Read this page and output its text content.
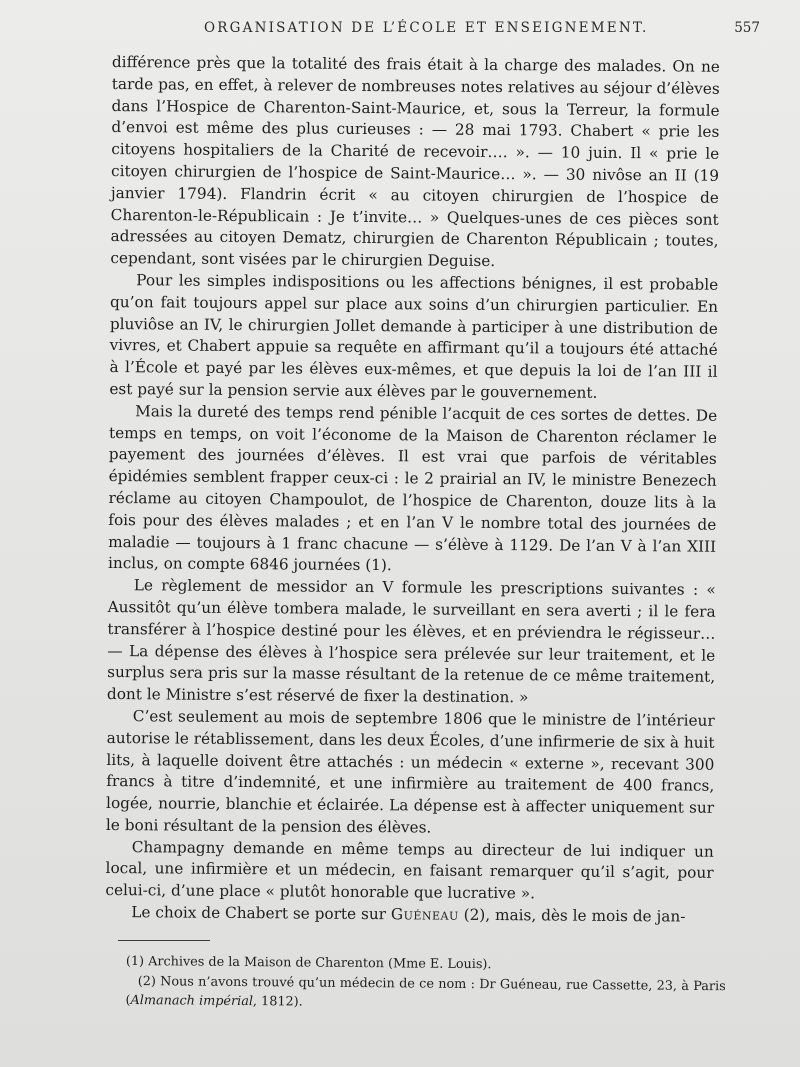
ORGANISATION DE L’ÉCOLE ET ENSEIGNEMENT.	557

différence près que la totalité des frais était à la charge des malades. On ne tarde pas, en effet, à relever de nombreuses notes relatives au séjour d’élèves dans l’Hospice de Charenton-Saint-Maurice, et, sous la Terreur, la formule d’envoi est même des plus curieuses : — 28 mai 1793. Chabert « prie les citoyens hospitaliers de la Charité de recevoir…. ». — 10 juin. Il « prie le citoyen chirurgien de l’hospice de Saint-Maurice… ». — 30 nivôse an II (19 janvier 1794). Flandrin écrit « au citoyen chirurgien de l’hospice de Charenton-le-Républicain : Je t’invite… » Quelques-unes de ces pièces sont adressées au citoyen Dematz, chirurgien de Charenton Républicain ; toutes, cependant, sont visées par le chirurgien Deguise.

Pour les simples indispositions ou les affections bénignes, il est probable qu’on fait toujours appel sur place aux soins d’un chirurgien particulier. En pluviôse an IV, le chirurgien Jollet demande à participer à une distribution de vivres, et Chabert appuie sa requête en affirmant qu’il a toujours été attaché à l’École et payé par les élèves eux-mêmes, et que depuis la loi de l’an III il est payé sur la pension servie aux élèves par le gouvernement.

Mais la dureté des temps rend pénible l’acquit de ces sortes de dettes. De temps en temps, on voit l’économe de la Maison de Charenton réclamer le payement des journées d’élèves. Il est vrai que parfois de véritables épidémies semblent frapper ceux-ci : le 2 prairial an IV, le ministre Benezech réclame au citoyen Champoulot, de l’hospice de Charenton, douze lits à la fois pour des élèves malades ; et en l’an V le nombre total des journées de maladie — toujours à 1 franc chacune — s’élève à 1129. De l’an V à l’an XIII inclus, on compte 6846 journées (1).

Le règlement de messidor an V formule les prescriptions suivantes : « Aussitôt qu’un élève tombera malade, le surveillant en sera averti ; il le fera transférer à l’hospice destiné pour les élèves, et en préviendra le régisseur… — La dépense des élèves à l’hospice sera prélevée sur leur traitement, et le surplus sera pris sur la masse résultant de la retenue de ce même traitement, dont le Ministre s’est réservé de fixer la destination. »

C’est seulement au mois de septembre 1806 que le ministre de l’intérieur autorise le rétablissement, dans les deux Écoles, d’une infirmerie de six à huit lits, à laquelle doivent être attachés : un médecin « externe », recevant 300 francs à titre d’indemnité, et une infirmière au traitement de 400 francs, logée, nourrie, blanchie et éclairée. La dépense est à affecter uniquement sur le boni résultant de la pension des élèves.

Champagny demande en même temps au directeur de lui indiquer un local, une infirmière et un médecin, en faisant remarquer qu’il s’agit, pour celui-ci, d’une place « plutôt honorable que lucrative ».

Le choix de Chabert se porte sur Guéneau (2), mais, dès le mois de jan-

(1) Archives de la Maison de Charenton (Mme E. Louis).

(2) Nous n’avons trouvé qu’un médecin de ce nom : Dr Guéneau, rue Cassette, 23, à Paris (Almanach impérial, 1812).
